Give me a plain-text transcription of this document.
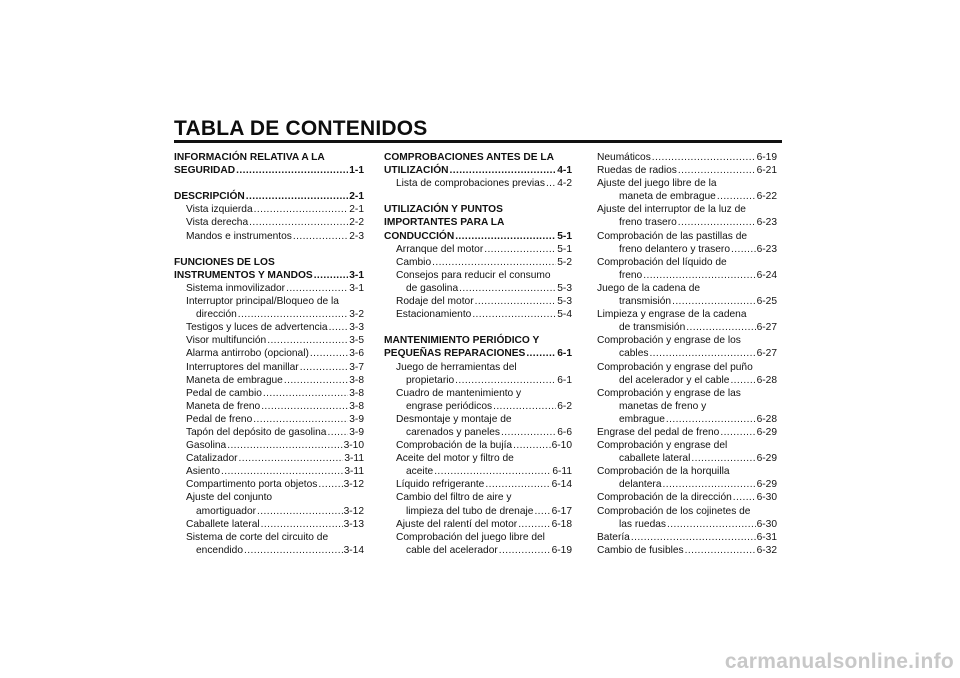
TABLA DE CONTENIDOS
INFORMACIÓN RELATIVA A LA
SEGURIDAD .....	1-1
DESCRIPCIÓN .....	2-1
Vista izquierda .....	2-1
Vista derecha .....	2-2
Mandos e instrumentos .....	2-3
FUNCIONES DE LOS
INSTRUMENTOS Y MANDOS .....	3-1
Sistema inmovilizador .....	3-1
Interruptor principal/Bloqueo de la
dirección .....	3-2
Testigos y luces de advertencia ..... 3-3
Visor multifunción .....	3-5
Alarma antirrobo (opcional) .....	3-6
Interruptores del manillar .....	3-7
Maneta de embrague .....	3-8
Pedal de cambio .....	3-8
Maneta de freno .....	3-8
Pedal de freno .....	3-9
Tapón del depósito de gasolina ..... 3-9
Gasolina .....	3-10
Catalizador .....	3-11
Asiento .....	3-11
Compartimento porta objetos .....	3-12
Ajuste del conjunto
amortiguador .....	3-12
Caballete lateral .....	3-13
Sistema de corte del circuito de
encendido .....	3-14
COMPROBACIONES ANTES DE LA
UTILIZACIÓN .....	4-1
Lista de comprobaciones previas ..... 4-2
UTILIZACIÓN Y PUNTOS
IMPORTANTES PARA LA
CONDUCCIÓN .....	5-1
Arranque del motor .....	5-1
Cambio .....	5-2
Consejos para reducir el consumo
de gasolina .....	5-3
Rodaje del motor .....	5-3
Estacionamiento .....	5-4
MANTENIMIENTO PERIÓDICO Y
PEQUEÑAS REPARACIONES .....	6-1
Juego de herramientas del
propietario .....	6-1
Cuadro de mantenimiento y
engrase periódicos .....	6-2
Desmontaje y montaje de
carenados y paneles .....	6-6
Comprobación de la bujía .....	6-10
Aceite del motor y filtro de
aceite .....	6-11
Líquido refrigerante .....	6-14
Cambio del filtro de aire y
limpieza del tubo de drenaje ..... 6-17
Ajuste del ralentí del motor .....	6-18
Comprobación del juego libre del
cable del acelerador .....	6-19
Neumáticos .....	6-19
Ruedas de radios .....	6-21
Ajuste del juego libre de la
maneta de embrague .....	6-22
Ajuste del interruptor de la luz de
freno trasero .....	6-23
Comprobación de las pastillas de
freno delantero y trasero .....	6-23
Comprobación del líquido de
freno .....	6-24
Juego de la cadena de
transmisión .....	6-25
Limpieza y engrase de la cadena
de transmisión .....	6-27
Comprobación y engrase de los
cables .....	6-27
Comprobación y engrase del puño
del acelerador y el cable .....	6-28
Comprobación y engrase de las
manetas de freno y
embrague .....	6-28
Engrase del pedal de freno .....	6-29
Comprobación y engrase del
caballete lateral .....	6-29
Comprobación de la horquilla
delantera .....	6-29
Comprobación de la dirección ..... 6-30
Comprobación de los cojinetes de
las ruedas .....	6-30
Batería .....	6-31
Cambio de fusibles .....	6-32
carmanualsonline.info
